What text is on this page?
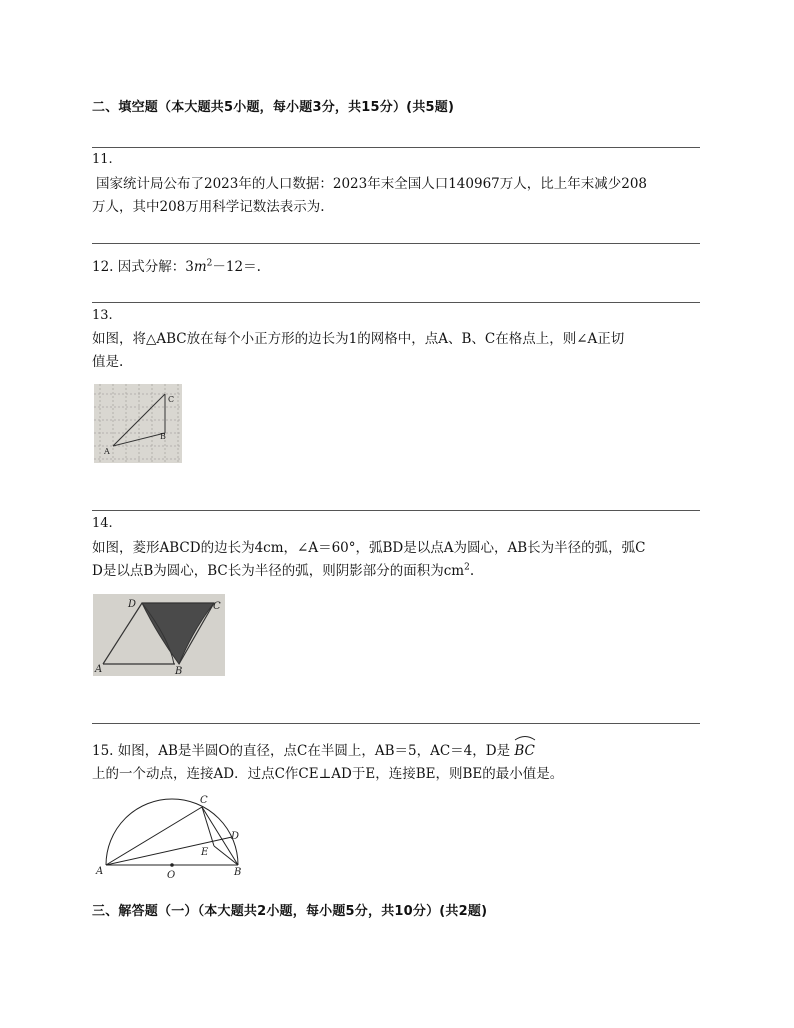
二、填空题（本大题共5小题，每小题3分，共15分）(共5题)
11.
国家统计局公布了2023年的人口数据：2023年末全国人口140967万人，比上年末减少208
万人，其中208万用科学记数法表示为.
12. 因式分解：$3m^2-12=$.
13.
如图，将△ABC放在每个小正方形的边长为1的网格中，点A、B、C在格点上，则∠A正切
值是.
C
B
A
14.
如图，菱形ABCD的边长为4cm，∠A＝60°，弧BD是以点A为圆心，AB长为半径的弧，弧C
D是以点B为圆心，BC长为半径的弧，则阴影部分的面积为$cm^2$.
D	C
A	B
15. 如图，AB是半圆O的直径，点C在半圆上，AB＝5，AC＝4，D是 BC
上的一个动点，连接AD．过点C作CE⊥AD于E，连接BE，则BE的最小值是。
C
D
E
A	O	B
三、解答题（一）（本大题共2小题，每小题5分，共10分）(共2题)
